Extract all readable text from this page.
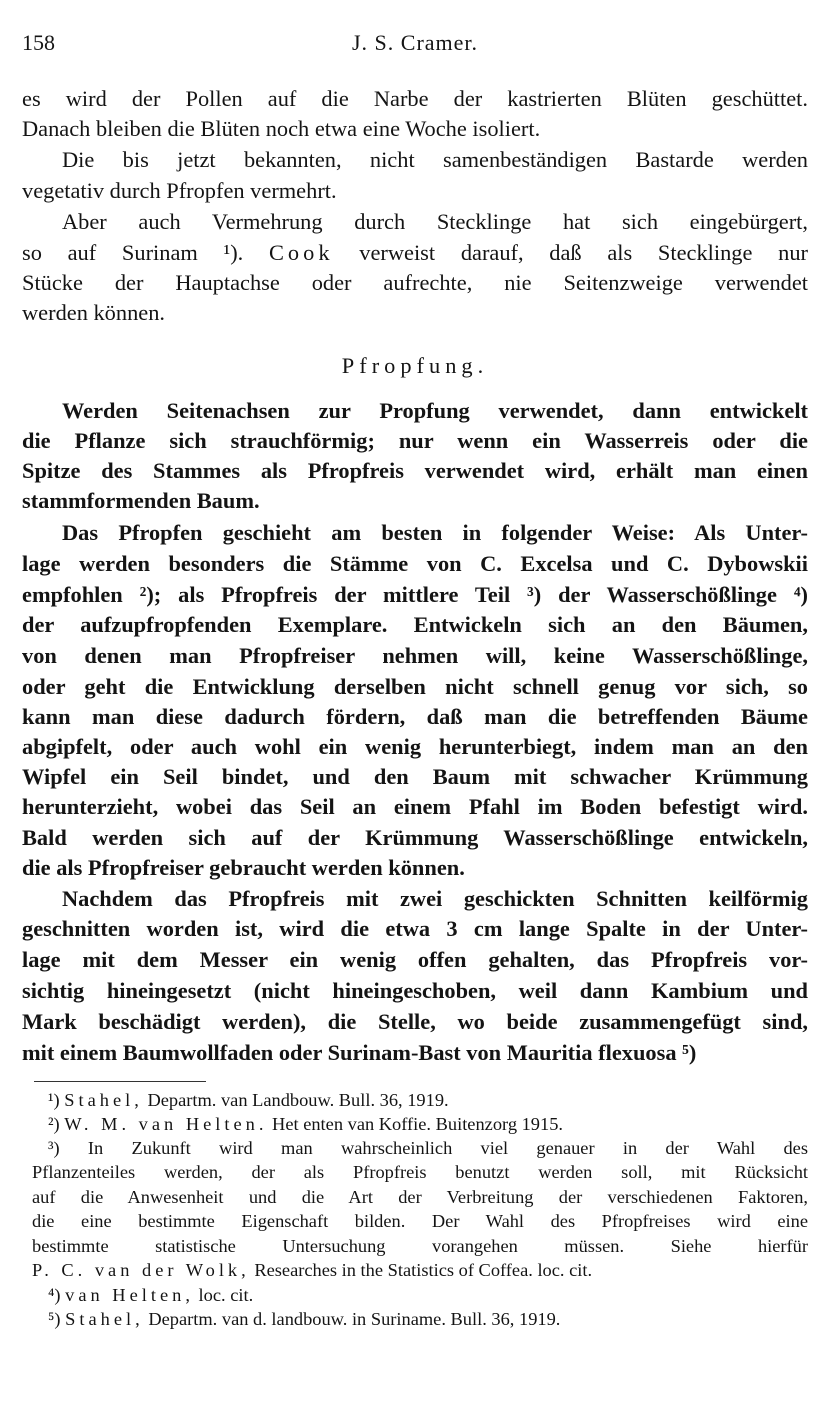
158	J. S. Cramer.
es wird der Pollen auf die Narbe der kastrierten Blüten geschüttet.
Danach bleiben die Blüten noch etwa eine Woche isoliert.
Die bis jetzt bekannten, nicht samenbeständigen Bastarde werden
vegetativ durch Pfropfen vermehrt.
Aber auch Vermehrung durch Stecklinge hat sich eingebürgert,
so auf Surinam ¹). Cook verweist darauf, daß als Stecklinge nur
Stücke der Hauptachse oder aufrechte, nie Seitenzweige verwendet
werden können.
Pfropfung.
Werden Seitenachsen zur Propfung verwendet, dann entwickelt
die Pflanze sich strauchförmig; nur wenn ein Wasserreis oder die
Spitze des Stammes als Pfropfreis verwendet wird, erhält man einen
stammformenden Baum.
Das Pfropfen geschieht am besten in folgender Weise: Als Unter-
lage werden besonders die Stämme von C. Excelsa und C. Dybowskii
empfohlen ²); als Pfropfreis der mittlere Teil ³) der Wasserschößlinge ⁴)
der aufzupfropfenden Exemplare. Entwickeln sich an den Bäumen,
von denen man Pfropfreiser nehmen will, keine Wasserschößlinge,
oder geht die Entwicklung derselben nicht schnell genug vor sich, so
kann man diese dadurch fördern, daß man die betreffenden Bäume
abgipfelt, oder auch wohl ein wenig herunterbiegt, indem man an den
Wipfel ein Seil bindet, und den Baum mit schwacher Krümmung
herunterzieht, wobei das Seil an einem Pfahl im Boden befestigt wird.
Bald werden sich auf der Krümmung Wasserschößlinge entwickeln,
die als Pfropfreiser gebraucht werden können.
Nachdem das Pfropfreis mit zwei geschickten Schnitten keilförmig
geschnitten worden ist, wird die etwa 3 cm lange Spalte in der Unter-
lage mit dem Messer ein wenig offen gehalten, das Pfropfreis vor-
sichtig hineingesetzt (nicht hineingeschoben, weil dann Kambium und
Mark beschädigt werden), die Stelle, wo beide zusammengefügt sind,
mit einem Baumwollfaden oder Surinam-Bast von Mauritia flexuosa ⁵)
¹) Stahel, Departm. van Landbouw. Bull. 36, 1919.
²) W. M. van Helten. Het enten van Koffie. Buitenzorg 1915.
³) In Zukunft wird man wahrscheinlich viel genauer in der Wahl des
Pflanzenteiles werden, der als Pfropfreis benutzt werden soll, mit Rücksicht
auf die Anwesenheit und die Art der Verbreitung der verschiedenen Faktoren,
die eine bestimmte Eigenschaft bilden. Der Wahl des Pfropfreises wird eine
bestimmte statistische Untersuchung vorangehen müssen. Siehe hierfür
P. C. van der Wolk, Researches in the Statistics of Coffea. loc. cit.
⁴) van Helten, loc. cit.
⁵) Stahel, Departm. van d. landbouw. in Suriname. Bull. 36, 1919.
